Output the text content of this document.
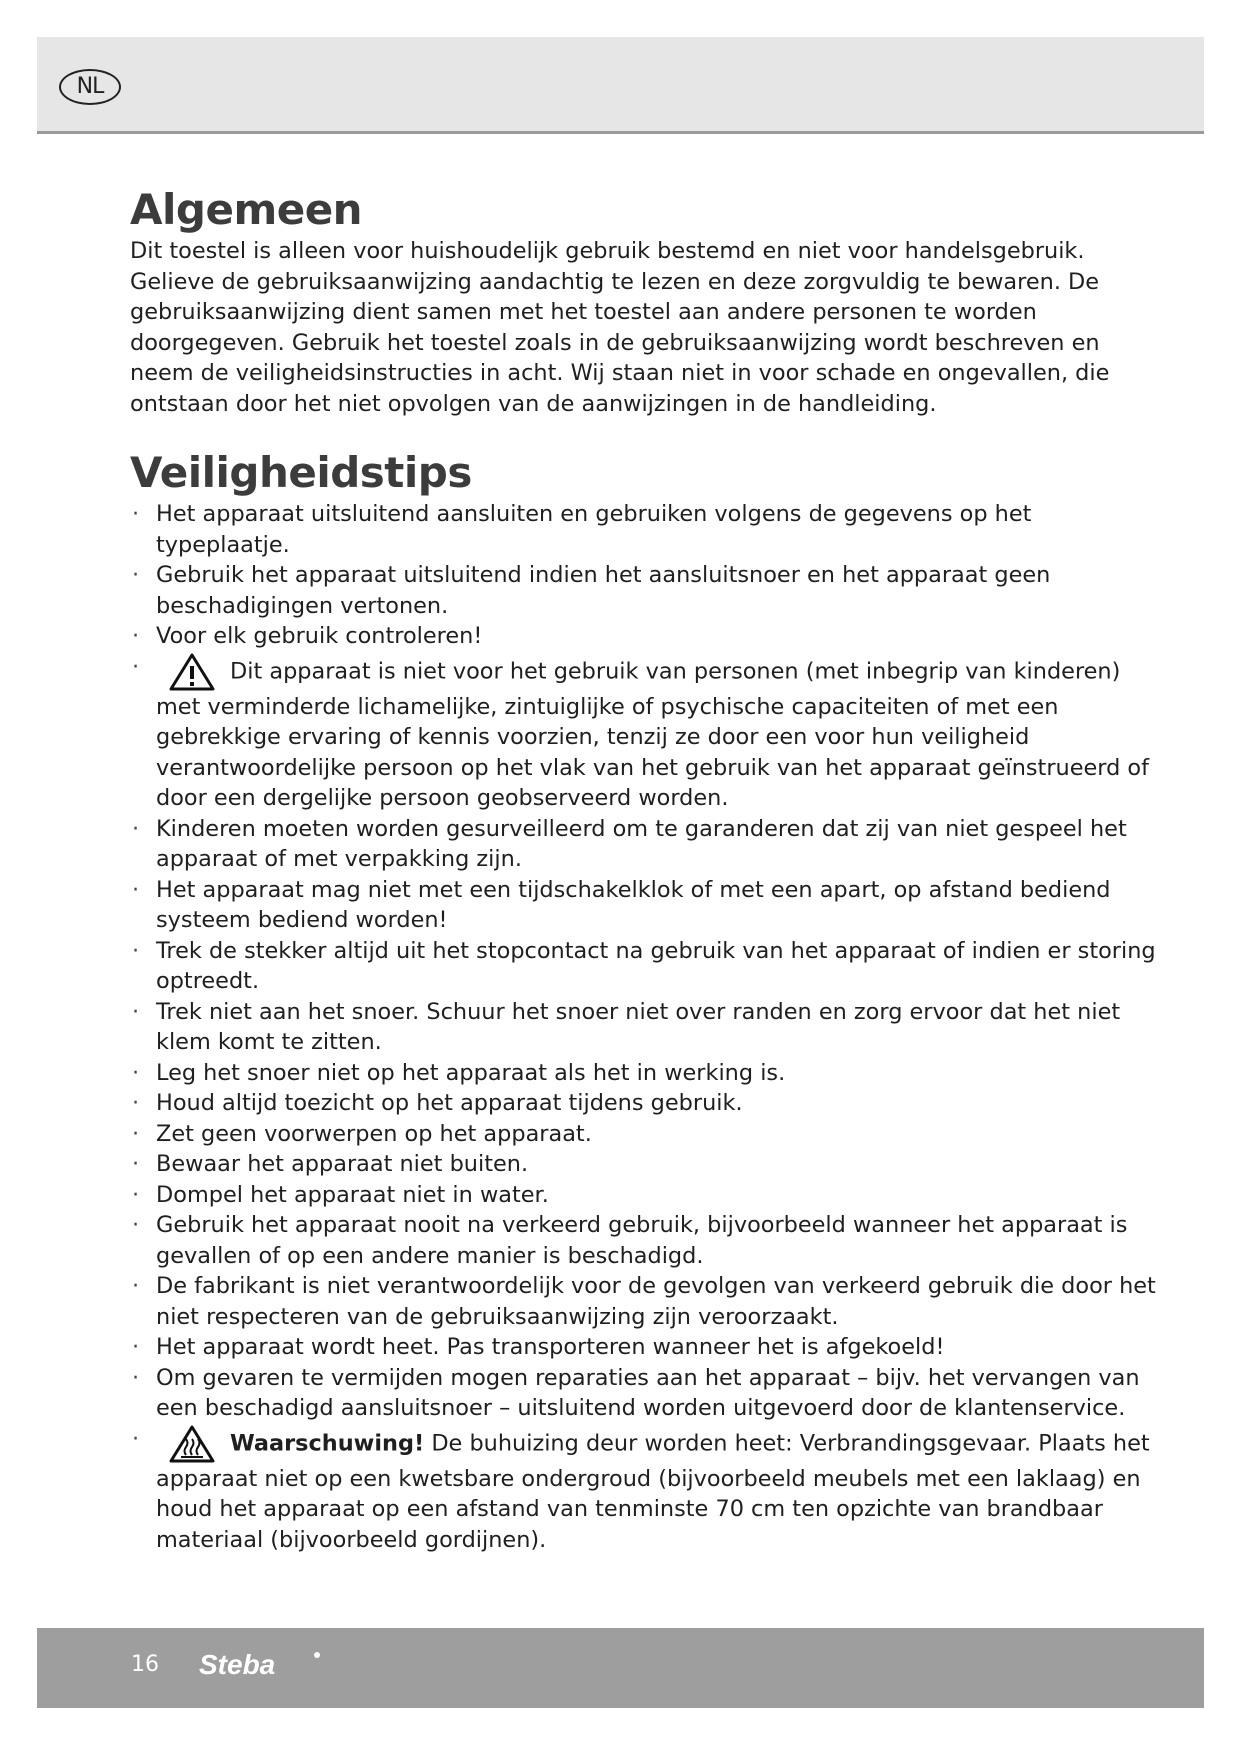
NL
Algemeen

Dit toestel is alleen voor huishoudelijk gebruik bestemd en niet voor handelsgebruik. Gelieve de gebruiksaanwijzing aandachtig te lezen en deze zorgvuldig te bewaren. De gebruiksaanwijzing dient samen met het toestel aan andere personen te worden doorgegeven. Gebruik het toestel zoals in de gebruiksaanwijzing wordt beschreven en neem de veiligheidsinstructies in acht. Wij staan niet in voor schade en ongevallen, die ontstaan door het niet opvolgen van de aanwijzingen in de handleiding.

Veiligheidstips
· Het apparaat uitsluitend aansluiten en gebruiken volgens de gegevens op het typeplaatje.
· Gebruik het apparaat uitsluitend indien het aansluitsnoer en het apparaat geen beschadigingen vertonen.
· Voor elk gebruik controleren!
· Dit apparaat is niet voor het gebruik van personen (met inbegrip van kinderen) met verminderde lichamelijke, zintuiglijke of psychische capaciteiten of met een gebrekkige ervaring of kennis voorzien, tenzij ze door een voor hun veiligheid verantwoordelijke persoon op het vlak van het gebruik van het apparaat geïnstrueerd of door een dergelijke persoon geobserveerd worden.
· Kinderen moeten worden gesurveilleerd om te garanderen dat zij van niet gespeel het apparaat of met verpakking zijn.
· Het apparaat mag niet met een tijdschakelklok of met een apart, op afstand bediend systeem bediend worden!
· Trek de stekker altijd uit het stopcontact na gebruik van het apparaat of indien er storing optreedt.
· Trek niet aan het snoer. Schuur het snoer niet over randen en zorg ervoor dat het niet klem komt te zitten.
· Leg het snoer niet op het apparaat als het in werking is.
· Houd altijd toezicht op het apparaat tijdens gebruik.
· Zet geen voorwerpen op het apparaat.
· Bewaar het apparaat niet buiten.
· Dompel het apparaat niet in water.
· Gebruik het apparaat nooit na verkeerd gebruik, bijvoorbeeld wanneer het apparaat is gevallen of op een andere manier is beschadigd.
· De fabrikant is niet verantwoordelijk voor de gevolgen van verkeerd gebruik die door het niet respecteren van de gebruiksaanwijzing zijn veroorzaakt.
· Het apparaat wordt heet. Pas transporteren wanneer het is afgekoeld!
· Om gevaren te vermijden mogen reparaties aan het apparaat – bijv. het vervangen van een beschadigd aansluitsnoer – uitsluitend worden uitgevoerd door de klantenservice.
· Waarschuwing! De buhuizing deur worden heet: Verbrandingsgevaar. Plaats het apparaat niet op een kwetsbare ondergroud (bijvoorbeeld meubels met een laklaag) en houd het apparaat op een afstand van tenminste 70 cm ten opzichte van brandbaar materiaal (bijvoorbeeld gordijnen).
16 Steba
